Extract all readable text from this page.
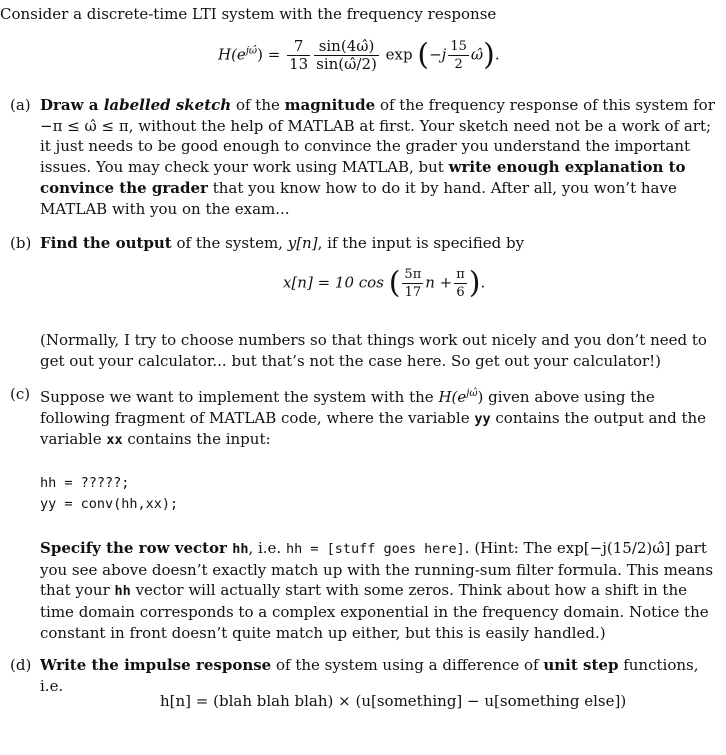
Consider a discrete-time LTI system with the frequency response
$H(e^{j\omegâ}) = \frac{7}{13} \frac{\sin(4\omegâ)}{\sin(\omegâ/2)}$ $\exp (-j \frac{15}{2}$ ω̂).
(a) Draw a labelled sketch of the magnitude of the frequency response of this system for −π ≤ ω̂ ≤ π, without the help of MATLAB at first. Your sketch need not be a work of art; it just needs to be good enough to convince the grader you understand the important issues. You may check your work using MATLAB, but write enough explanation to convince the grader that you know how to do it by hand. After all, you won’t have MATLAB with you on the exam...
(b) Find the output of the system, y[n], if the input is specified by
x[n] = 10 cos ( $\frac{5\pi}{17}$ $n + \frac{\pi}{6}$ ).
(Normally, I try to choose numbers so that things work out nicely and you don’t need to get out your calculator... but that’s not the case here. So get out your calculator!)
(c) Suppose we want to implement the system with the $H(e^{j\omegâ})$ given above using the following fragment of MATLAB code, where the variable yy contains the output and the variable xx contains the input:
hh = ?????;
yy = conv(hh,xx);
Specify the row vector hh, i.e. hh = [stuff goes here]. (Hint: The exp[−j(15/2)ω̂] part you see above doesn’t exactly match up with the running-sum filter formula. This means that your hh vector will actually start with some zeros. Think about how a shift in the time domain corresponds to a complex exponential in the frequency domain. Notice the constant in front doesn’t quite match up either, but this is easily handled.)
(d) Write the impulse response of the system using a difference of unit step functions, i.e.
h[n] = (blah blah blah) × (u[something] − u[something else])
